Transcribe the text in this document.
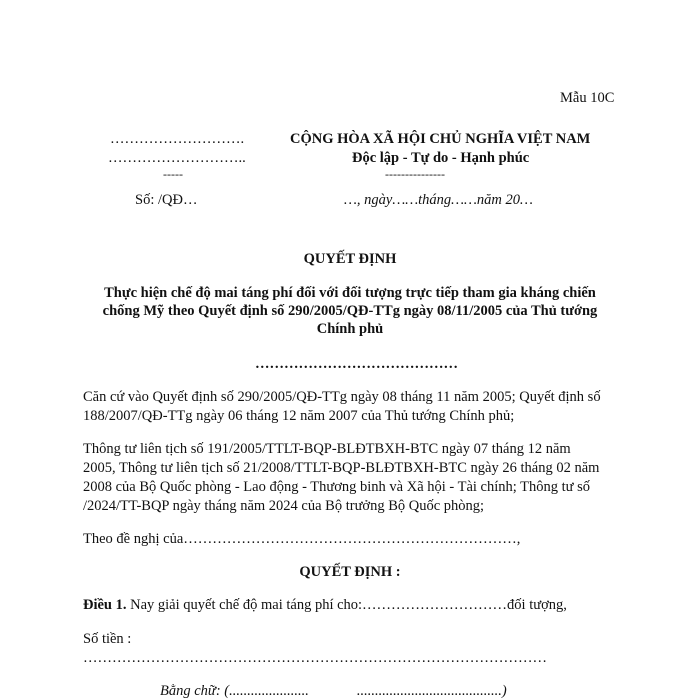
Mẫu 10C
……………………….
………………………..
-----
Số: /QĐ…
CỘNG HÒA XÃ HỘI CHỦ NGHĨA VIỆT NAM
Độc lập - Tự do - Hạnh phúc
---------------
…, ngày……tháng……năm 20…
QUYẾT ĐỊNH
Thực hiện chế độ mai táng phí đối với đối tượng trực tiếp tham gia kháng chiến
chống Mỹ theo Quyết định số 290/2005/QĐ-TTg ngày 08/11/2005 của Thủ tướng
Chính phủ
……………………………………
Căn cứ vào Quyết định số 290/2005/QĐ-TTg ngày 08 tháng 11 năm 2005; Quyết định số
188/2007/QĐ-TTg ngày 06 tháng 12 năm 2007 của Thủ tướng Chính phủ;
Thông tư liên tịch số 191/2005/TTLT-BQP-BLĐTBXH-BTC ngày 07 tháng 12 năm
2005, Thông tư liên tịch số 21/2008/TTLT-BQP-BLĐTBXH-BTC ngày 26 tháng 02 năm
2008 của Bộ Quốc phòng - Lao động - Thương binh và Xã hội - Tài chính; Thông tư số
/2024/TT-BQP ngày tháng năm 2024 của Bộ trưởng Bộ Quốc phòng;
Theo đề nghị của……………………………………………………………,
QUYẾT ĐỊNH :
Điều 1. Nay giải quyết chế độ mai táng phí cho:…………………………đối tượng,
Số tiền :
……………………………………………………………………………………
Bằng chữ: (......................	........................................)
